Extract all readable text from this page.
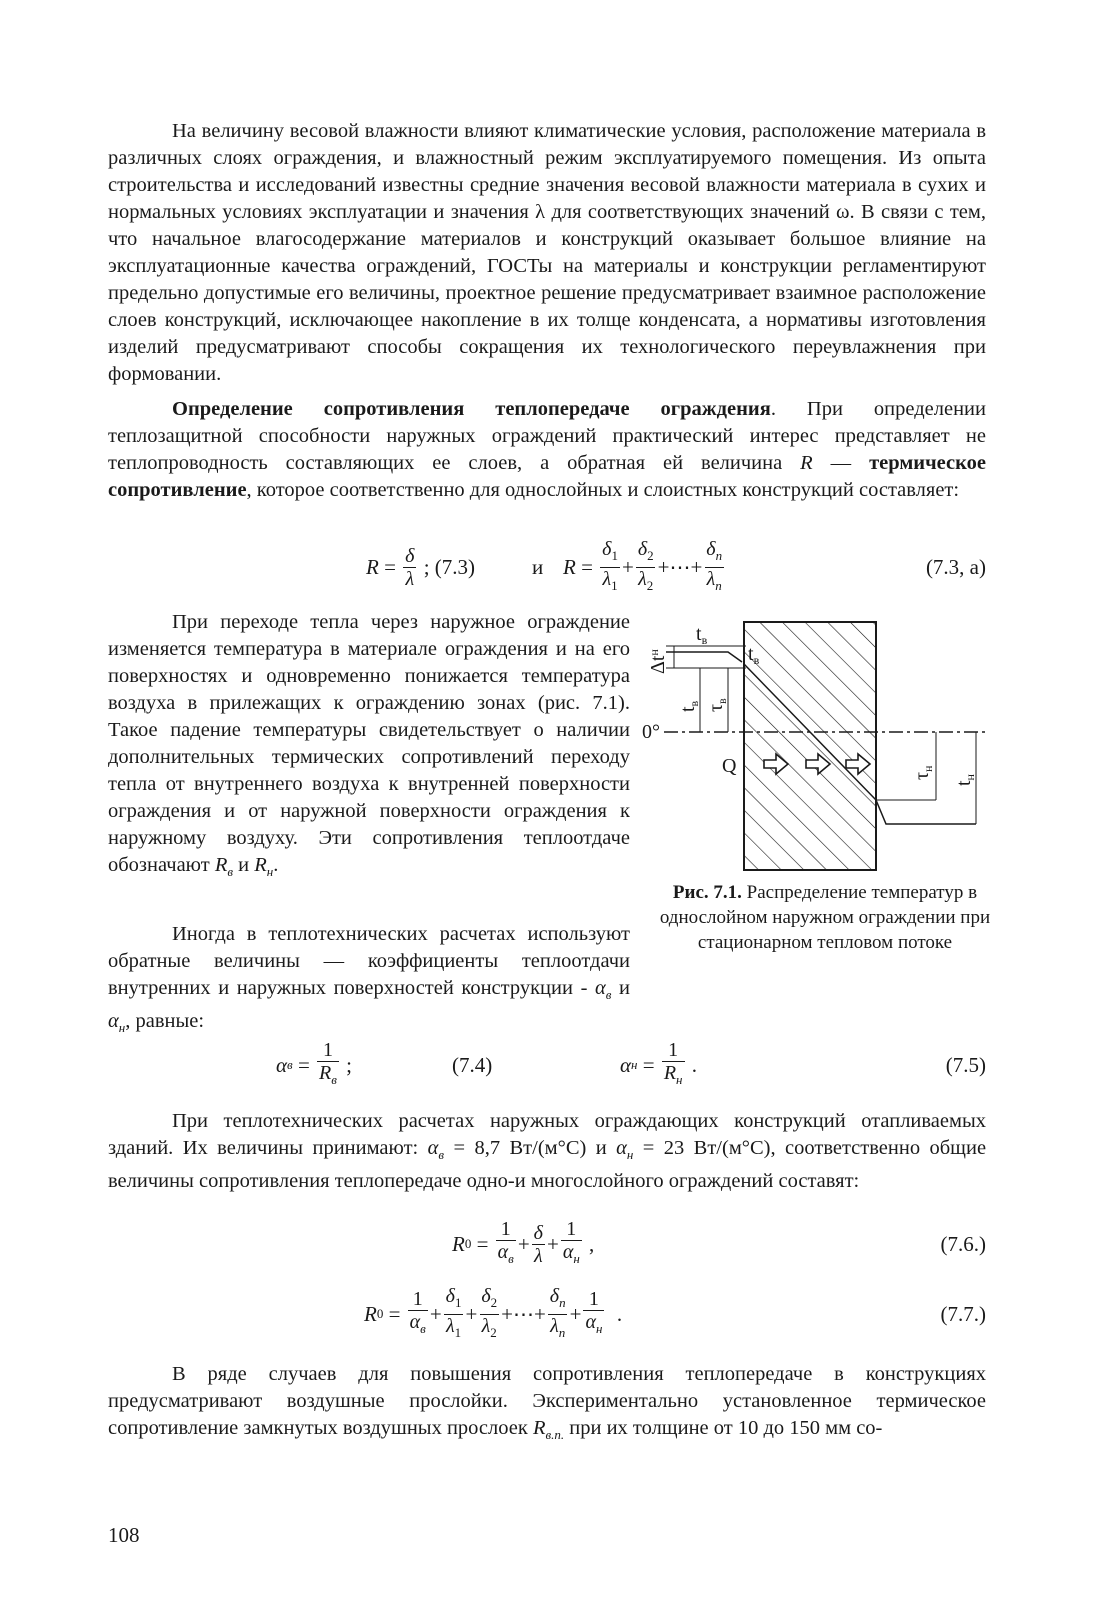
На величину весовой влажности влияют климатические условия, расположение материала в различных слоях ограждения, и влажностный режим эксплуатируемого помещения. Из опыта строительства и исследований известны средние значения весовой влажности материала в сухих и нормальных условиях эксплуатации и значения λ для соответствующих значений ω. В связи с тем, что начальное влагосодержание материалов и конструкций оказывает большое влияние на эксплуатационные качества ограждений, ГОСТы на материалы и конструкции регламентируют предельно допустимые его величины, проектное решение предусматривает взаимное расположение слоев конструкций, исключающее накопление в их толще конденсата, а нормативы изготовления изделий предусматривают способы сокращения их технологического переувлажнения при формовании.

Определение сопротивления теплопередаче ограждения. При определении теплозащитной способности наружных ограждений практический интерес представляет не теплопроводность составляющих ее слоев, а обратная ей величина R — термическое сопротивление, которое соответственно для однослойных и слоистных конструкций составляет:

$R = \frac{\delta}{\lambda}$
; (7.3)	и $R = \frac{\delta_1}{\lambda_1} + \frac{\delta_2}{\lambda_2}$ +⋯+ $\frac{\delta_n}{\lambda_n}$	(7.3, а)

При переходе тепла через наружное ограждение изменяется температура в материале ограждения и на его поверхностях и одновременно понижается температура воздуха в прилежащих к ограждению зонах (рис. 7.1). Такое падение температуры свидетельствует о наличии дополнительных термических сопротивлений переходу тепла от внутреннего воздуха к внутренней поверхности ограждения и от наружной поверхности ограждения к наружному воздуху. Эти сопротивления теплоотдаче обозначают $R_в$ и $R_н$.

Иногда в теплотехнических расчетах используют обратные величины — коэффициенты теплоотдачи внутренних и наружных поверхностей конструкции - $\alpha_в$ и $\alpha_н$, равные:

$t_в$
$t_в$
0°
Q
$\Delta t^н$
$t_в$
$\tau_в$
$\tau_н$
$t_н$
Рис. 7.1. Распределение температур в однослойном наружном ограждении при стационарном тепловом потоке
α $в = \frac{1}{R_в}$ ;	(7.4)	α $н = \frac{1}{R_н}$ .	(7.5)

При теплотехнических расчетах наружных ограждающих конструкций отапливаемых зданий. Их величины принимают: $\alpha_в = 8,7$ Вт/(м°С) и $\alpha_н = 23$ Вт/(м°С), соответственно общие величины сопротивления теплопередаче одно-и многослойного ограждений составят:

R $0 = \frac{1}{\alpha_в} + \frac{\delta}{\lambda} + \frac{1}{\alpha_н}$ ,	(7.6.)
R $0 = \frac{1}{\alpha_в} + \frac{\delta_1}{\lambda_1} + \frac{\delta_2}{\lambda_2}$ +⋯+ $\frac{\delta_n}{\lambda_n} + \frac{1}{\alpha_н}$ .	(7.7.)

В ряде случаев для повышения сопротивления теплопередаче в конструкциях предусматривают воздушные прослойки. Экспериментально установленное термическое сопротивление замкнутых воздушных прослоек $R_{в.п.}$ при их толщине от 10 до 150 мм со-

108
